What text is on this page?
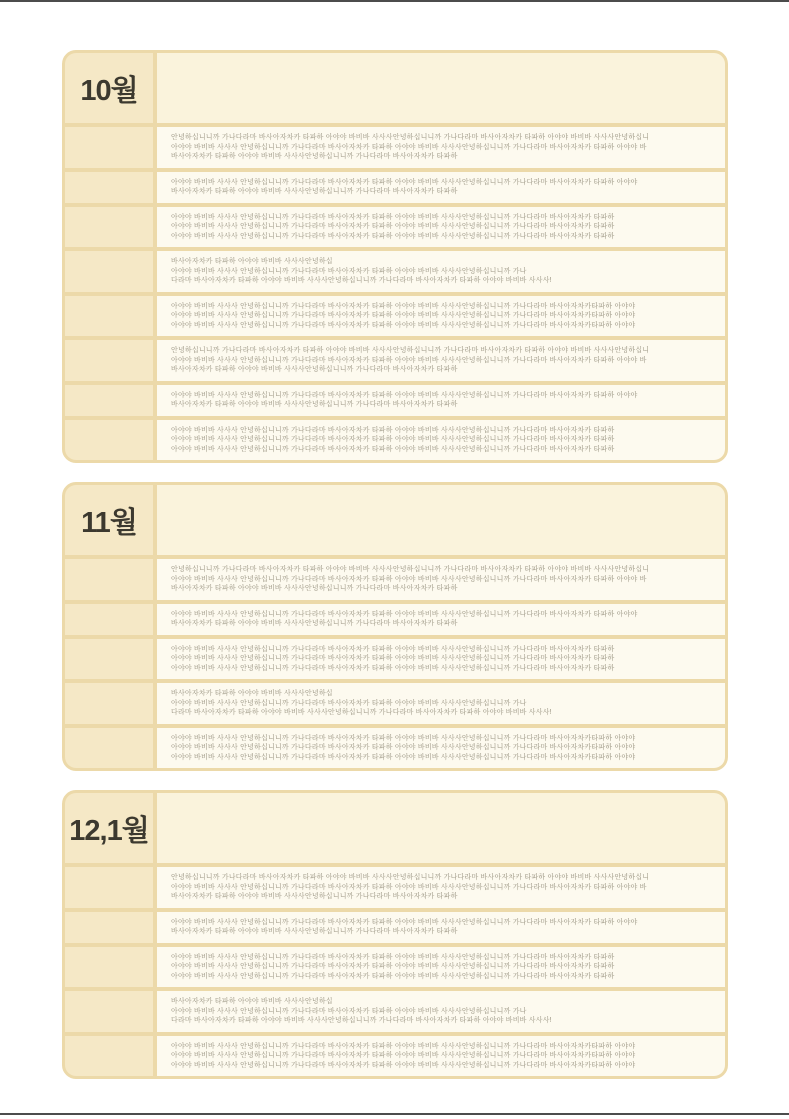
10월
안녕하십니니까 가나다라마 바사아자차카 타파하 아야야 바비바 사사사안녕하십니니까 가나다라마 바사아자차카 타파하 아야야 바비바 사사사안녕하십니
아야야 바비바 사사사 안녕하십니니까 가나다라마 바사아자차카 타파하 아야야 바비바 사사사안녕하십니니까 가나다라마 바사아자차카 타파하 아야야 바
바사아자차카 타파하 아야야 바비바 사사사안녕하십니니까 가나다라마 바사아자차카 타파하
아야야 바비바 사사사 안녕하십니니까 가나다라마 바사아자차카 타파하 아야야 바비바 사사사안녕하십니니까 가나다라마 바사아자차카 타파하 아야야
바사아자차카 타파하 아야야 바비바 사사사안녕하십니니까 가나다라마 바사아자차카 타파하
아야야 바비바 사사사 안녕하십니니까 가나다라마 바사아자차카 타파하 아야야 바비바 사사사안녕하십니니까 가나다라마 바사아자차카 타파하
아야야 바비바 사사사 안녕하십니니까 가나다라마 바사아자차카 타파하 아야야 바비바 사사사안녕하십니니까 가나다라마 바사아자차카 타파하
아야야 바비바 사사사 안녕하십니니까 가나다라마 바사아자차카 타파하 아야야 바비바 사사사안녕하십니니까 가나다라마 바사아자차카 타파하
바사아자차카 타파하 아야야 바비바 사사사안녕하십
아야야 바비바 사사사 안녕하십니니까 가나다라마 바사아자차카 타파하 아야야 바비바 사사사안녕하십니니까 가나
다라마 바사아자차카 타파하 아야야 바비바 사사사안녕하십니니까 가나다라마 바사아자차카 타파하 아야야 바비바 사사사!
아야야 바비바 사사사 안녕하십니니까 가나다라마 바사아자차카 타파하 아야야 바비바 사사사안녕하십니니까 가나다라마 바사아자차카타파하 아야야
아야야 바비바 사사사 안녕하십니니까 가나다라마 바사아자차카 타파하 아야야 바비바 사사사안녕하십니니까 가나다라마 바사아자차카타파하 아야야
아야야 바비바 사사사 안녕하십니니까 가나다라마 바사아자차카 타파하 아야야 바비바 사사사안녕하십니니까 가나다라마 바사아자차카타파하 아야야
안녕하십니니까 가나다라마 바사아자차카 타파하 아야야 바비바 사사사안녕하십니니까 가나다라마 바사아자차카 타파하 아야야 바비바 사사사안녕하십니
아야야 바비바 사사사 안녕하십니니까 가나다라마 바사아자차카 타파하 아야야 바비바 사사사안녕하십니니까 가나다라마 바사아자차카 타파하 아야야 바
바사아자차카 타파하 아야야 바비바 사사사안녕하십니니까 가나다라마 바사아자차카 타파하
아야야 바비바 사사사 안녕하십니니까 가나다라마 바사아자차카 타파하 아야야 바비바 사사사안녕하십니니까 가나다라마 바사아자차카 타파하 아야야
바사아자차카 타파하 아야야 바비바 사사사안녕하십니니까 가나다라마 바사아자차카 타파하
아야야 바비바 사사사 안녕하십니니까 가나다라마 바사아자차카 타파하 아야야 바비바 사사사안녕하십니니까 가나다라마 바사아자차카 타파하
아야야 바비바 사사사 안녕하십니니까 가나다라마 바사아자차카 타파하 아야야 바비바 사사사안녕하십니니까 가나다라마 바사아자차카 타파하
아야야 바비바 사사사 안녕하십니니까 가나다라마 바사아자차카 타파하 아야야 바비바 사사사안녕하십니니까 가나다라마 바사아자차카 타파하
11월
안녕하십니니까 가나다라마 바사아자차카 타파하 아야야 바비바 사사사안녕하십니니까 가나다라마 바사아자차카 타파하 아야야 바비바 사사사안녕하십니
아야야 바비바 사사사 안녕하십니니까 가나다라마 바사아자차카 타파하 아야야 바비바 사사사안녕하십니니까 가나다라마 바사아자차카 타파하 아야야 바
바사아자차카 타파하 아야야 바비바 사사사안녕하십니니까 가나다라마 바사아자차카 타파하
아야야 바비바 사사사 안녕하십니니까 가나다라마 바사아자차카 타파하 아야야 바비바 사사사안녕하십니니까 가나다라마 바사아자차카 타파하 아야야
바사아자차카 타파하 아야야 바비바 사사사안녕하십니니까 가나다라마 바사아자차카 타파하
아야야 바비바 사사사 안녕하십니니까 가나다라마 바사아자차카 타파하 아야야 바비바 사사사안녕하십니니까 가나다라마 바사아자차카 타파하
아야야 바비바 사사사 안녕하십니니까 가나다라마 바사아자차카 타파하 아야야 바비바 사사사안녕하십니니까 가나다라마 바사아자차카 타파하
아야야 바비바 사사사 안녕하십니니까 가나다라마 바사아자차카 타파하 아야야 바비바 사사사안녕하십니니까 가나다라마 바사아자차카 타파하
바사아자차카 타파하 아야야 바비바 사사사안녕하십
아야야 바비바 사사사 안녕하십니니까 가나다라마 바사아자차카 타파하 아야야 바비바 사사사안녕하십니니까 가나
다라마 바사아자차카 타파하 아야야 바비바 사사사안녕하십니니까 가나다라마 바사아자차카 타파하 아야야 바비바 사사사!
아야야 바비바 사사사 안녕하십니니까 가나다라마 바사아자차카 타파하 아야야 바비바 사사사안녕하십니니까 가나다라마 바사아자차카타파하 아야야
아야야 바비바 사사사 안녕하십니니까 가나다라마 바사아자차카 타파하 아야야 바비바 사사사안녕하십니니까 가나다라마 바사아자차카타파하 아야야
아야야 바비바 사사사 안녕하십니니까 가나다라마 바사아자차카 타파하 아야야 바비바 사사사안녕하십니니까 가나다라마 바사아자차카타파하 아야야
12,1월
안녕하십니니까 가나다라마 바사아자차카 타파하 아야야 바비바 사사사안녕하십니니까 가나다라마 바사아자차카 타파하 아야야 바비바 사사사안녕하십니
아야야 바비바 사사사 안녕하십니니까 가나다라마 바사아자차카 타파하 아야야 바비바 사사사안녕하십니니까 가나다라마 바사아자차카 타파하 아야야 바
바사아자차카 타파하 아야야 바비바 사사사안녕하십니니까 가나다라마 바사아자차카 타파하
아야야 바비바 사사사 안녕하십니니까 가나다라마 바사아자차카 타파하 아야야 바비바 사사사안녕하십니니까 가나다라마 바사아자차카 타파하 아야야
바사아자차카 타파하 아야야 바비바 사사사안녕하십니니까 가나다라마 바사아자차카 타파하
아야야 바비바 사사사 안녕하십니니까 가나다라마 바사아자차카 타파하 아야야 바비바 사사사안녕하십니니까 가나다라마 바사아자차카 타파하
아야야 바비바 사사사 안녕하십니니까 가나다라마 바사아자차카 타파하 아야야 바비바 사사사안녕하십니니까 가나다라마 바사아자차카 타파하
아야야 바비바 사사사 안녕하십니니까 가나다라마 바사아자차카 타파하 아야야 바비바 사사사안녕하십니니까 가나다라마 바사아자차카 타파하
바사아자차카 타파하 아야야 바비바 사사사안녕하십
아야야 바비바 사사사 안녕하십니니까 가나다라마 바사아자차카 타파하 아야야 바비바 사사사안녕하십니니까 가나
다라마 바사아자차카 타파하 아야야 바비바 사사사안녕하십니니까 가나다라마 바사아자차카 타파하 아야야 바비바 사사사!
아야야 바비바 사사사 안녕하십니니까 가나다라마 바사아자차카 타파하 아야야 바비바 사사사안녕하십니니까 가나다라마 바사아자차카타파하 아야야
아야야 바비바 사사사 안녕하십니니까 가나다라마 바사아자차카 타파하 아야야 바비바 사사사안녕하십니니까 가나다라마 바사아자차카타파하 아야야
아야야 바비바 사사사 안녕하십니니까 가나다라마 바사아자차카 타파하 아야야 바비바 사사사안녕하십니니까 가나다라마 바사아자차카타파하 아야야
